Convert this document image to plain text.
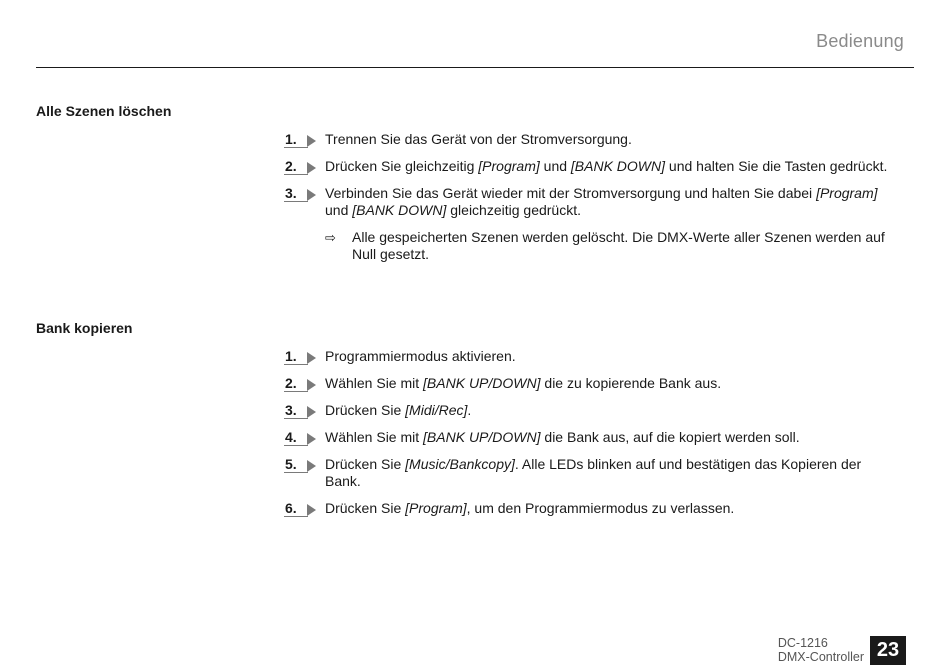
Bedienung
Alle Szenen löschen
1. Trennen Sie das Gerät von der Stromversorgung.
2. Drücken Sie gleichzeitig [Program] und [BANK DOWN] und halten Sie die Tasten gedrückt.
3. Verbinden Sie das Gerät wieder mit der Stromversorgung und halten Sie dabei [Program] und [BANK DOWN] gleichzeitig gedrückt.
⇨ Alle gespeicherten Szenen werden gelöscht. Die DMX-Werte aller Szenen werden auf Null gesetzt.
Bank kopieren
1. Programmiermodus aktivieren.
2. Wählen Sie mit [BANK UP/DOWN] die zu kopierende Bank aus.
3. Drücken Sie [Midi/Rec].
4. Wählen Sie mit [BANK UP/DOWN] die Bank aus, auf die kopiert werden soll.
5. Drücken Sie [Music/Bankcopy]. Alle LEDs blinken auf und bestätigen das Kopieren der Bank.
6. Drücken Sie [Program], um den Programmiermodus zu verlassen.
DC-1216
DMX-Controller 23
